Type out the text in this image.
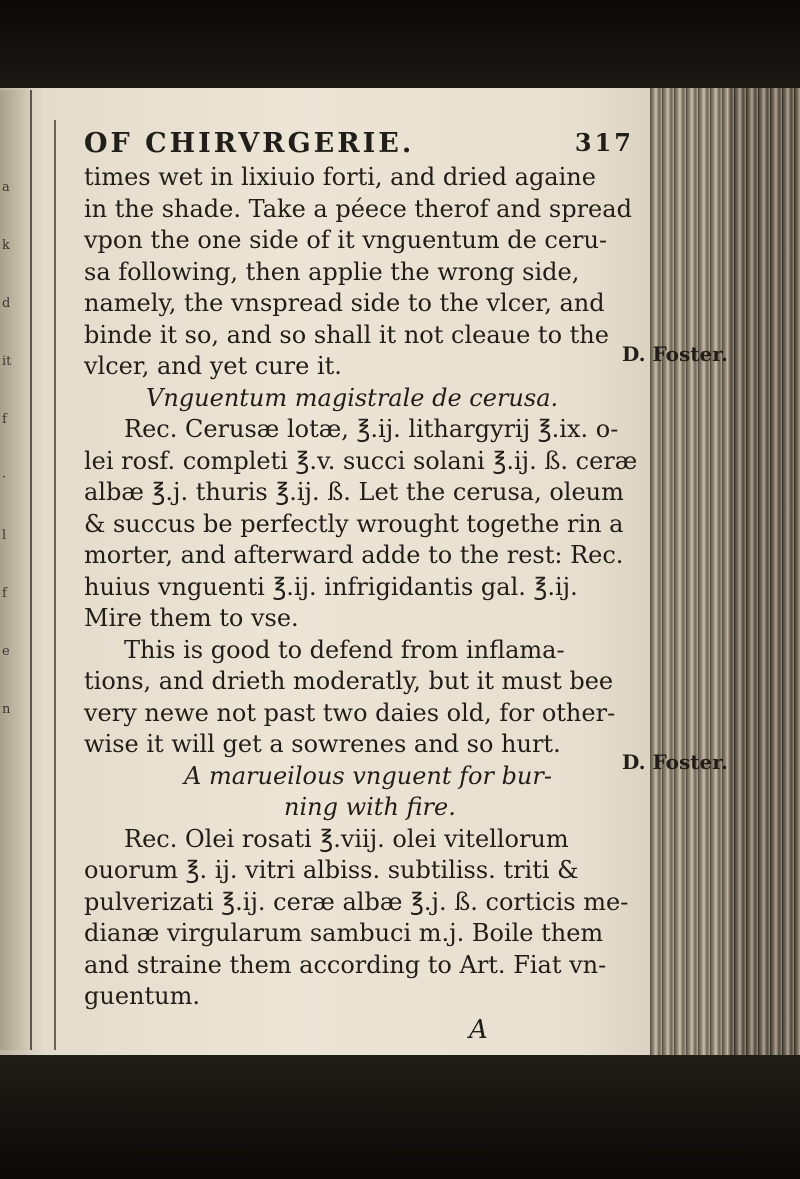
a
k
d
it
f
·
l
f
e
n
OF CHIRVRGERIE.	317
times wet in lixiuio forti, and dried againe
in the shade. Take a péece therof and spread
vpon the one side of it vnguentum de ceru-
sa following, then applie the wrong side,
namely, the vnspread side to the vlcer, and
binde it so, and so shall it not cleaue to the
vlcer, and yet cure it.
Vnguentum magistrale de cerusa.
Rec. Cerusæ lotæ, ℥.ij. lithargyrij ℥.ix. o-
lei rosf. completi ℥.v. succi solani ℥.ij. ß. ceræ
albæ ℥.j. thuris ℥.ij. ß. Let the cerusa, oleum
& succus be perfectly wrought togethe rin a
morter, and afterward adde to the rest: Rec.
huius vnguenti ℥.ij. infrigidantis gal. ℥.ij.
Mire them to vse.
This is good to defend from inflama-
tions, and drieth moderatly, but it must bee
very newe not past two daies old, for other-
wise it will get a sowrenes and so hurt.
A marueilous vnguent for bur-
ning with fire.
Rec. Olei rosati ℥.viij. olei vitellorum
ouorum ℥. ij. vitri albiss. subtiliss. triti &
pulverizati ℥.ij. ceræ albæ ℥.j. ß. corticis me-
dianæ virgularum sambuci m.j. Boile them
and straine them according to Art. Fiat vn-
guentum.
A
D. Foster.
D. Foster.
